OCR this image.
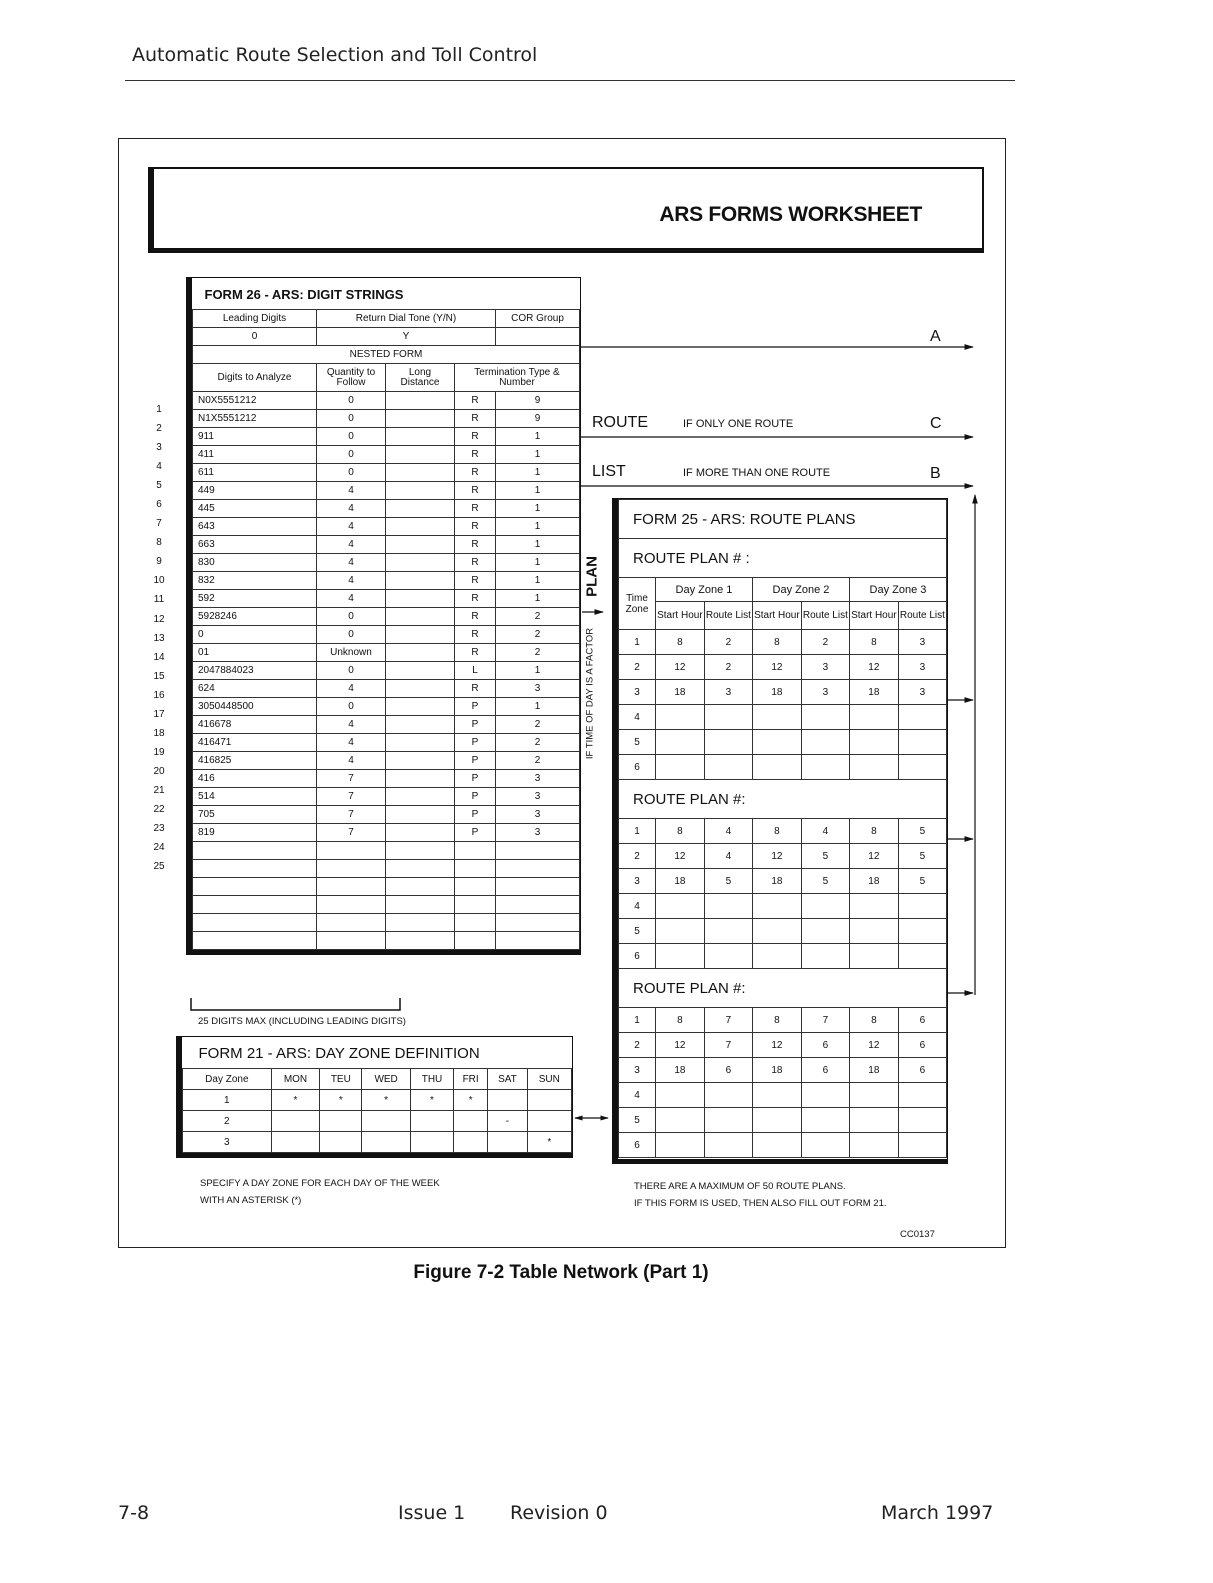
Automatic Route Selection and Toll Control
ARS FORMS WORKSHEET
1
2
3
4
5
6
7
8
9
10
11
12
13
14
15
16
17
18
19
20
21
22
23
24
25
FORM 26 - ARS: DIGIT STRINGS				
Leading Digits	Return Dial Tone (Y/N)			COR Group
0	Y			
NESTED FORM				
Digits to Analyze	Quantity to Follow	Long Distance	Termination Type & Number	
N0X5551212	0		R	9
N1X5551212	0		R	9
911	0		R	1
411	0		R	1
611	0		R	1
449	4		R	1
445	4		R	1
643	4		R	1
663	4		R	1
830	4		R	1
832	4		R	1
592	4		R	1
5928246	0		R	2
0	0		R	2
01	Unknown		R	2
2047884023	0		L	1
624	4		R	3
3050448500	0		P	1
416678	4		P	2
416471	4		P	2
416825	4		P	2
416	7		P	3
514	7		P	3
705	7		P	3
819	7		P	3

25 DIGITS MAX (INCLUDING LEADING DIGITS)
A
ROUTE	IF ONLY ONE ROUTE	C
LIST	IF MORE THAN ONE ROUTE	B
PLAN
IF TIME OF DAY IS A FACTOR
FORM 25 - ARS: ROUTE PLANS						
ROUTE PLAN # :						
Time Zone	Day Zone 1		Day Zone 2		Day Zone 3	
	Start Hour	Route List	Start Hour	Route List	Start Hour	Route List
1	8	2	8	2	8	3
2	12	2	12	3	12	3
3	18	3	18	3	18	3
4						
5						
6						
ROUTE PLAN #:						
1	8	4	8	4	8	5
2	12	4	12	5	12	5
3	18	5	18	5	18	5
4						
5						
6						
ROUTE PLAN #:						
1	8	7	8	7	8	6
2	12	7	12	6	12	6
3	18	6	18	6	18	6
4						
5						
6						
FORM 21 - ARS: DAY ZONE DEFINITION							
Day Zone	MON	TEU	WED	THU	FRI	SAT	SUN
1	*	*	*	*	*		
2						-	
3							*
SPECIFY A DAY ZONE FOR EACH DAY OF THE WEEK
WITH AN ASTERISK (*)
THERE ARE A MAXIMUM OF 50 ROUTE PLANS.
IF THIS FORM IS USED, THEN ALSO FILL OUT FORM 21.
CC0137
Figure 7-2 Table Network (Part 1)
7-8	Issue 1 Revision 0	March 1997
